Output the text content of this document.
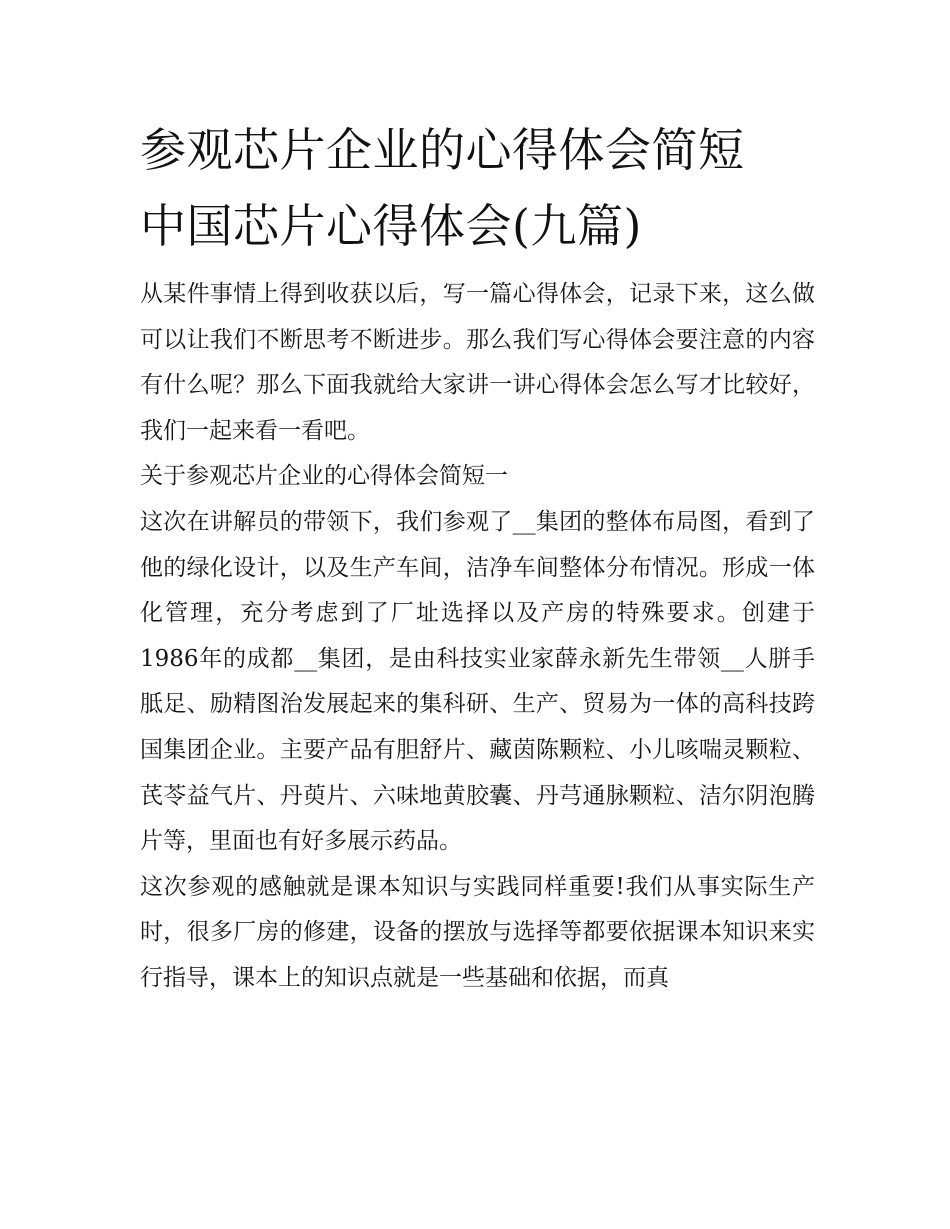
参观芯片企业的心得体会简短
中国芯片心得体会(九篇)

从某件事情上得到收获以后，写一篇心得体会，记录下来，这么做可以让我们不断思考不断进步。那么我们写心得体会要注意的内容有什么呢？那么下面我就给大家讲一讲心得体会怎么写才比较好，我们一起来看一看吧。

关于参观芯片企业的心得体会简短一

这次在讲解员的带领下，我们参观了__集团的整体布局图，看到了他的绿化设计，以及生产车间，洁净车间整体分布情况。形成一体化管理，充分考虑到了厂址选择以及产房的特殊要求。创建于1986年的成都__集团，是由科技实业家薛永新先生带领__人胼手胝足、励精图治发展起来的集科研、生产、贸易为一体的高科技跨国集团企业。主要产品有胆舒片、藏茵陈颗粒、小儿咳喘灵颗粒、芪苓益气片、丹萸片、六味地黄胶囊、丹芎通脉颗粒、洁尔阴泡腾片等，里面也有好多展示药品。

这次参观的感触就是课本知识与实践同样重要!我们从事实际生产时，很多厂房的修建，设备的摆放与选择等都要依据课本知识来实行指导，课本上的知识点就是一些基础和依据，而真
